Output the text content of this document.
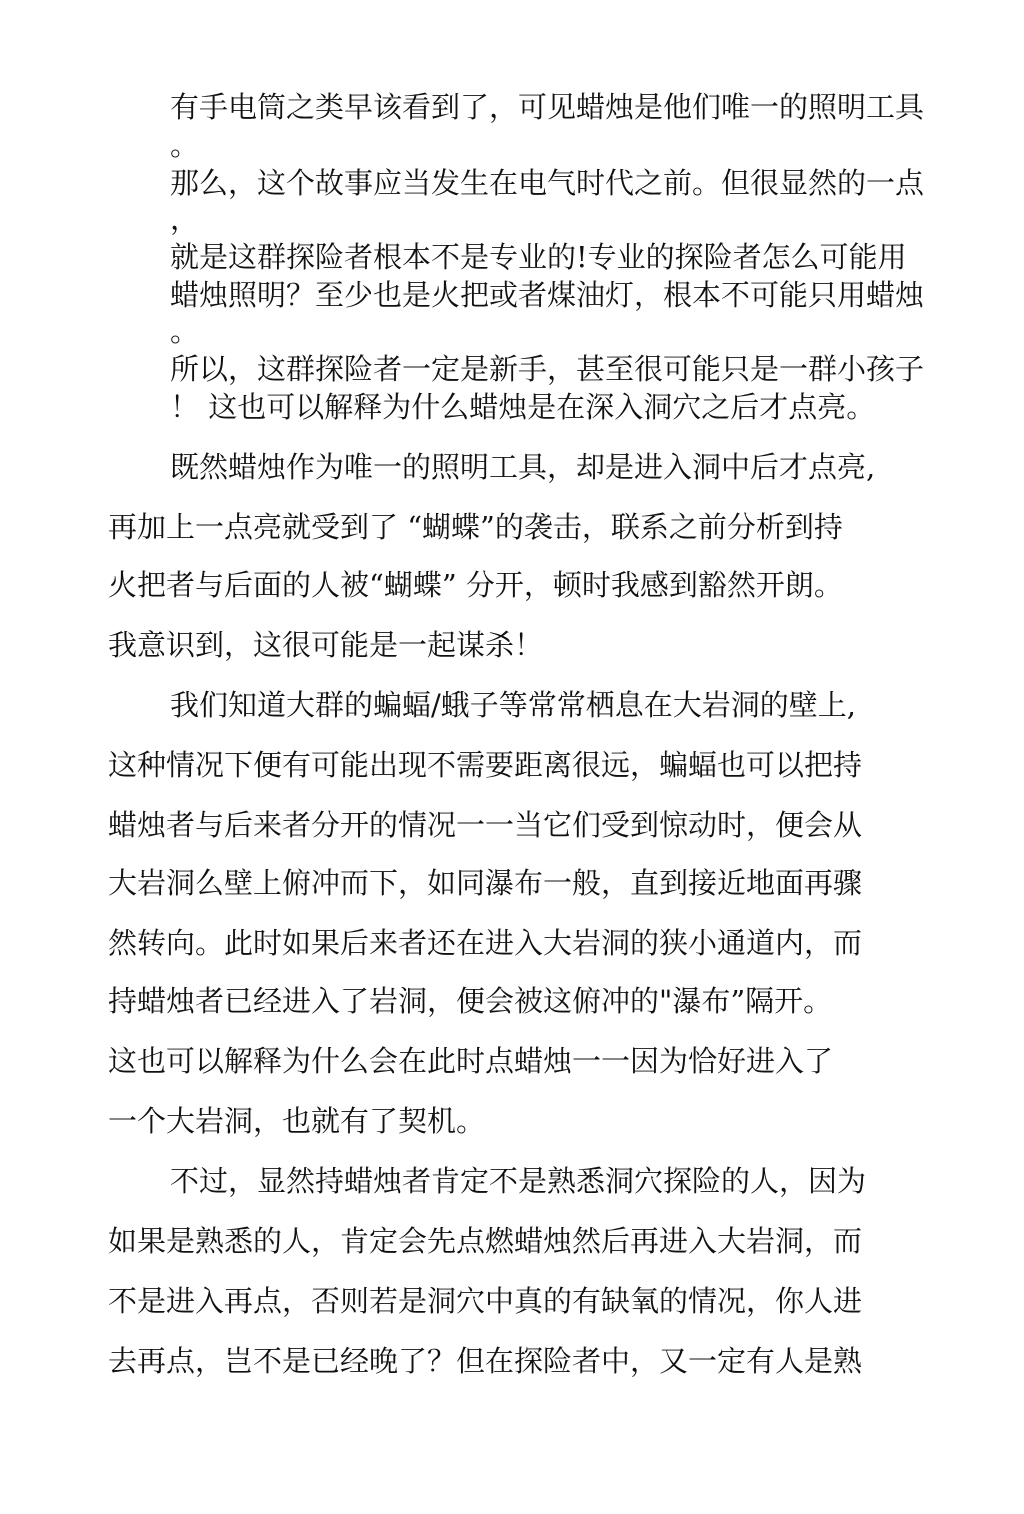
有手电筒之类早该看到了，可见蜡烛是他们唯一的照明工具
。
那么，这个故事应当发生在电气时代之前。但很显然的一点
，
就是这群探险者根本不是专业的!专业的探险者怎么可能用
蜡烛照明？至少也是火把或者煤油灯，根本不可能只用蜡烛
。
所以，这群探险者一定是新手，甚至很可能只是一群小孩子
！ 这也可以解释为什么蜡烛是在深入洞穴之后才点亮。
既然蜡烛作为唯一的照明工具，却是进入洞中后才点亮,
再加上一点亮就受到了 “蝴蝶”的袭击，联系之前分析到持
火把者与后面的人被“蝴蝶” 分开，顿时我感到豁然开朗。
我意识到，这很可能是一起谋杀！
我们知道大群的蝙蝠/蛾子等常常栖息在大岩洞的壁上,
这种情况下便有可能出现不需要距离很远，蝙蝠也可以把持
蜡烛者与后来者分开的情况一一当它们受到惊动时，便会从
大岩洞么壁上俯冲而下，如同瀑布一般，直到接近地面再骤
然转向。此时如果后来者还在进入大岩洞的狭小通道内，而
持蜡烛者已经进入了岩洞，便会被这俯冲的"瀑布”隔开。
这也可以解释为什么会在此时点蜡烛一一因为恰好进入了
一个大岩洞，也就有了契机。
不过，显然持蜡烛者肯定不是熟悉洞穴探险的人，因为
如果是熟悉的人，肯定会先点燃蜡烛然后再进入大岩洞，而
不是进入再点，否则若是洞穴中真的有缺氧的情况，你人进
去再点，岂不是已经晚了？但在探险者中，又一定有人是熟
